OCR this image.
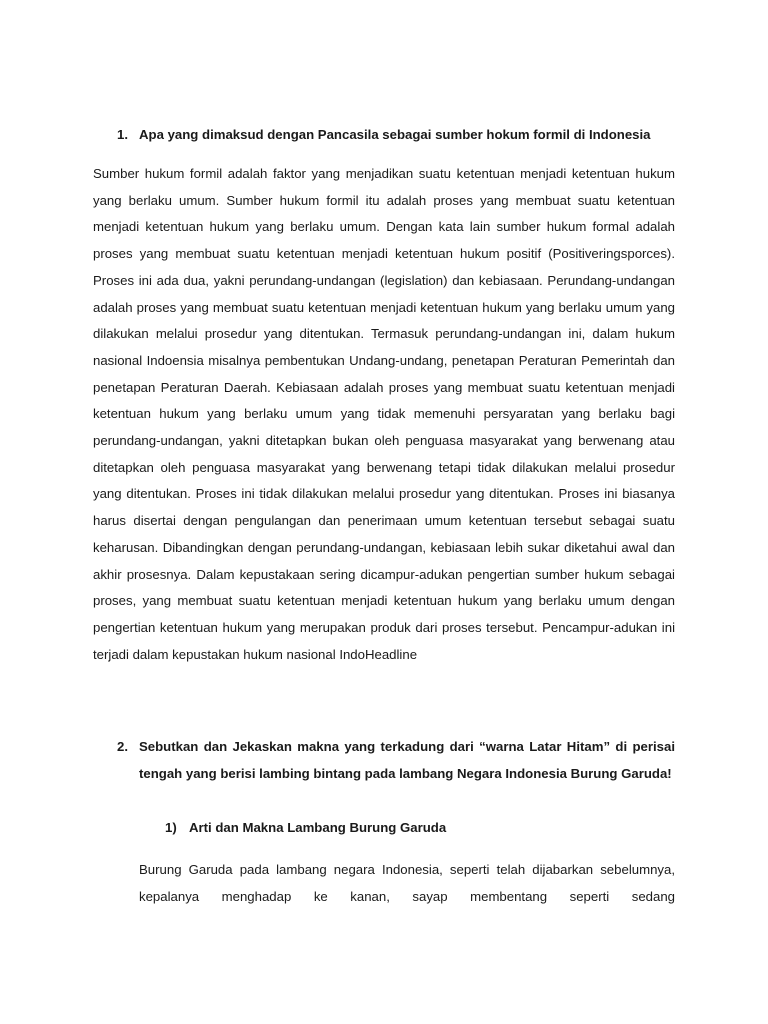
1. Apa yang dimaksud dengan Pancasila sebagai sumber hokum formil di Indonesia
Sumber hukum formil adalah faktor yang menjadikan suatu ketentuan menjadi ketentuan hukum yang berlaku umum. Sumber hukum formil itu adalah proses yang membuat suatu ketentuan menjadi ketentuan hukum yang berlaku umum. Dengan kata lain sumber hukum formal adalah proses yang membuat suatu ketentuan menjadi ketentuan hukum positif (Positiveringsporces). Proses ini ada dua, yakni perundang-undangan (legislation) dan kebiasaan. Perundang-undangan adalah proses yang membuat suatu ketentuan menjadi ketentuan hukum yang berlaku umum yang dilakukan melalui prosedur yang ditentukan. Termasuk perundang-undangan ini, dalam hukum nasional Indoensia misalnya pembentukan Undang-undang, penetapan Peraturan Pemerintah dan penetapan Peraturan Daerah. Kebiasaan adalah proses yang membuat suatu ketentuan menjadi ketentuan hukum yang berlaku umum yang tidak memenuhi persyaratan yang berlaku bagi perundang-undangan, yakni ditetapkan bukan oleh penguasa masyarakat yang berwenang atau ditetapkan oleh penguasa masyarakat yang berwenang tetapi tidak dilakukan melalui prosedur yang ditentukan. Proses ini tidak dilakukan melalui prosedur yang ditentukan. Proses ini biasanya harus disertai dengan pengulangan dan penerimaan umum ketentuan tersebut sebagai suatu keharusan. Dibandingkan dengan perundang-undangan, kebiasaan lebih sukar diketahui awal dan akhir prosesnya. Dalam kepustakaan sering dicampur-adukan pengertian sumber hukum sebagai proses, yang membuat suatu ketentuan menjadi ketentuan hukum yang berlaku umum dengan pengertian ketentuan hukum yang merupakan produk dari proses tersebut. Pencampur-adukan ini terjadi dalam kepustakan hukum nasional IndoHeadline
2. Sebutkan dan Jekaskan makna yang terkadung dari “warna Latar Hitam” di perisai tengah yang berisi lambing bintang pada lambang Negara Indonesia Burung Garuda!
1) Arti dan Makna Lambang Burung Garuda
Burung Garuda pada lambang negara Indonesia, seperti telah dijabarkan sebelumnya, kepalanya menghadap ke kanan, sayap membentang seperti sedang
